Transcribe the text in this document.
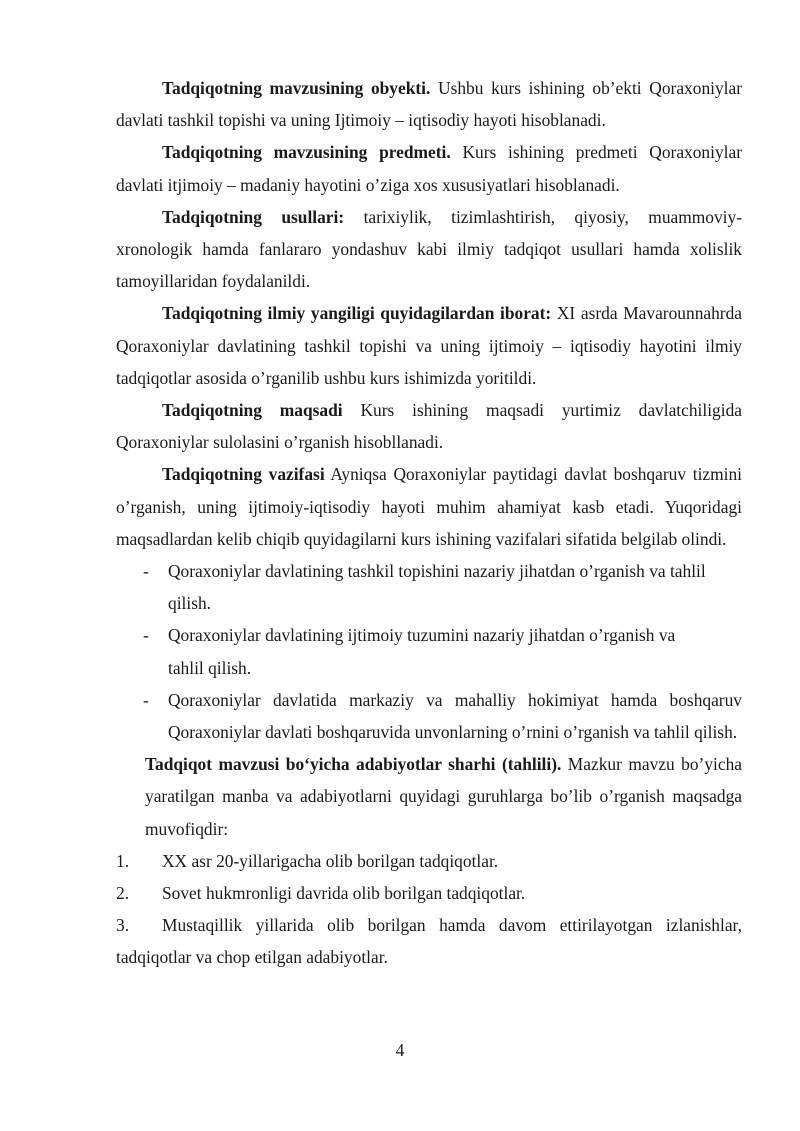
Tadqiqotning mavzusining obyekti. Ushbu kurs ishining ob’ekti Qoraxoniylar davlati tashkil topishi va uning Ijtimoiy – iqtisodiy hayoti hisoblanadi.

Tadqiqotning mavzusining predmeti. Kurs ishining predmeti Qoraxoniylar davlati itjimoiy – madaniy hayotini o’ziga xos xususiyatlari hisoblanadi.

Tadqiqotning usullari: tarixiylik, tizimlashtirish, qiyosiy, muammoviy-xronologik hamda fanlararo yondashuv kabi ilmiy tadqiqot usullari hamda xolislik tamoyillaridan foydalanildi.

Tadqiqotning ilmiy yangiligi quyidagilardan iborat: XI asrda Mavarounnahrda Qoraxoniylar davlatining tashkil topishi va uning ijtimoiy – iqtisodiy hayotini ilmiy tadqiqotlar asosida o’rganilib ushbu kurs ishimizda yoritildi.

Tadqiqotning maqsadi Kurs ishining maqsadi yurtimiz davlatchiligida Qoraxoniylar sulolasini o’rganish hisobllanadi.

Tadqiqotning vazifasi Ayniqsa Qoraxoniylar paytidagi davlat boshqaruv tizmini o’rganish, uning ijtimoiy-iqtisodiy hayoti muhim ahamiyat kasb etadi. Yuqoridagi maqsadlardan kelib chiqib quyidagilarni kurs ishining vazifalari sifatida belgilab olindi.

- Qoraxoniylar davlatining tashkil topishini nazariy jihatdan o’rganish va tahlil qilish.
- Qoraxoniylar davlatining ijtimoiy tuzumini nazariy jihatdan o’rganish va tahlil qilish.
- Qoraxoniylar davlatida markaziy va mahalliy hokimiyat hamda boshqaruv Qoraxoniylar davlati boshqaruvida unvonlarning o’rnini o’rganish va tahlil qilish.

Tadqiqot mavzusi bo‘yicha adabiyotlar sharhi (tahlili). Mazkur mavzu bo’yicha yaratilgan manba va adabiyotlarni quyidagi guruhlarga bo’lib o’rganish maqsadga muvofiqdir:

1. XX asr 20-yillarigacha olib borilgan tadqiqotlar.
2. Sovet hukmronligi davrida olib borilgan tadqiqotlar.
3. Mustaqillik yillarida olib borilgan hamda davom ettirilayotgan izlanishlar, tadqiqotlar va chop etilgan adabiyotlar.
4
